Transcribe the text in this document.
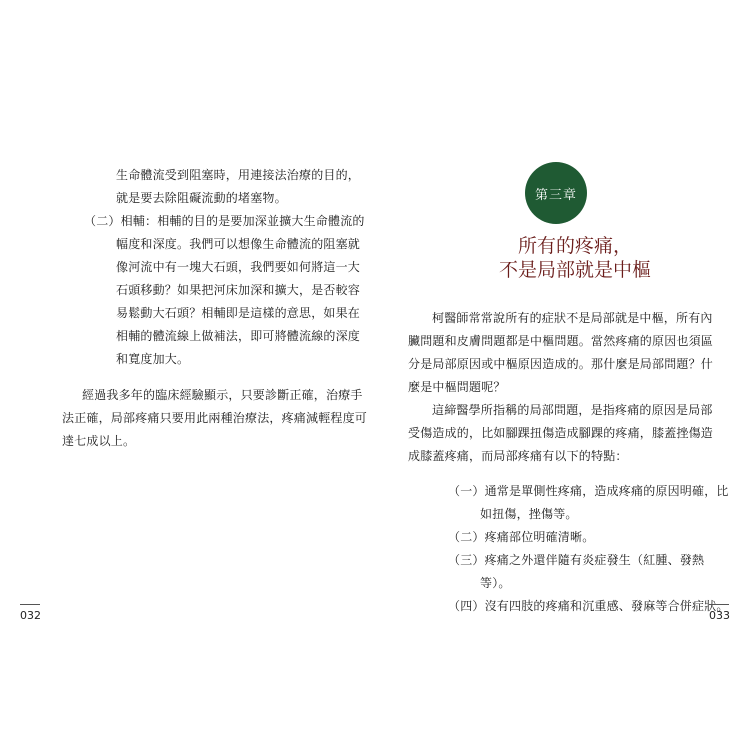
生命體流受到阻塞時，用連接法治療的目的，
就是要去除阻礙流動的堵塞物。
（二）相輔：相輔的目的是要加深並擴大生命體流的
幅度和深度。我們可以想像生命體流的阻塞就
像河流中有一塊大石頭，我們要如何將這一大
石頭移動？如果把河床加深和擴大，是否較容
易鬆動大石頭？相輔即是這樣的意思，如果在
相輔的體流線上做補法，即可將體流線的深度
和寬度加大。
經過我多年的臨床經驗顯示，只要診斷正確，治療手
法正確，局部疼痛只要用此兩種治療法，疼痛減輕程度可
達七成以上。
032
第三章
所有的疼痛，
不是局部就是中樞
柯醫師常常說所有的症狀不是局部就是中樞，所有內
臟問題和皮膚問題都是中樞問題。當然疼痛的原因也須區
分是局部原因或中樞原因造成的。那什麼是局部問題？什
麼是中樞問題呢？
這締醫學所指稱的局部問題，是指疼痛的原因是局部
受傷造成的，比如腳踝扭傷造成腳踝的疼痛，膝蓋挫傷造
成膝蓋疼痛，而局部疼痛有以下的特點：
（一）通常是單側性疼痛，造成疼痛的原因明確，比
如扭傷，挫傷等。
（二）疼痛部位明確清晰。
（三）疼痛之外還伴隨有炎症發生（紅腫、發熱
等）。
（四）沒有四肢的疼痛和沉重感、發麻等合併症狀。
033
